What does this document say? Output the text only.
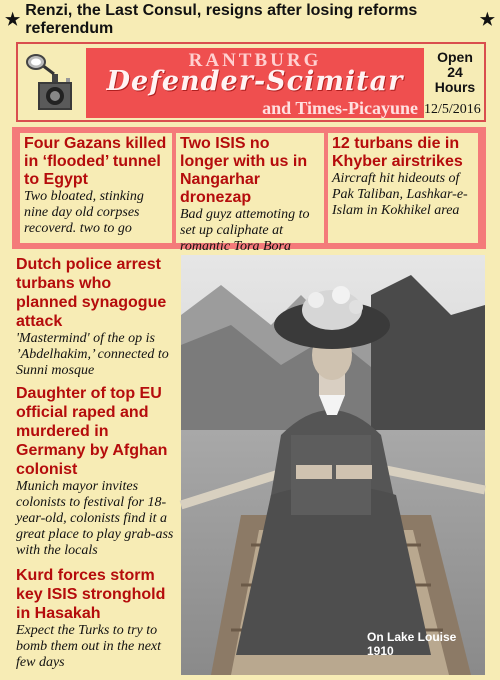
★ Renzi, the Last Consul, resigns after losing reforms referendum	★
RANTBURG
Defender-Scimitar
and Times-Picayune
Open
24
Hours
12/5/2016
Four Gazans killed in ‘flooded’ tunnel to Egypt
Two bloated, stinking nine day old corpses recoverd. two to go
Two ISIS no longer with us in Nangarhar dronezap
Bad guyz attemoting to set up caliphate at romantic Tora Bora
12 turbans die in Khyber airstrikes
Aircraft hit hideouts of Pak Taliban, Lashkar-e-Islam in Kokhikel area
Dutch police arrest turbans who planned synagogue attack
'Mastermind' of the op is ’Abdelhakim,’ connected to Sunni mosque
Daughter of top EU official raped and murdered in Germany by Afghan colonist
Munich mayor invites colonists to festival for 18-year-old, colonists find it a great place to play grab-ass with the locals
Kurd forces storm key ISIS stronghold in Hasakah
Expect the Turks to try to bomb them out in the next few days
On Lake Louise
1910
